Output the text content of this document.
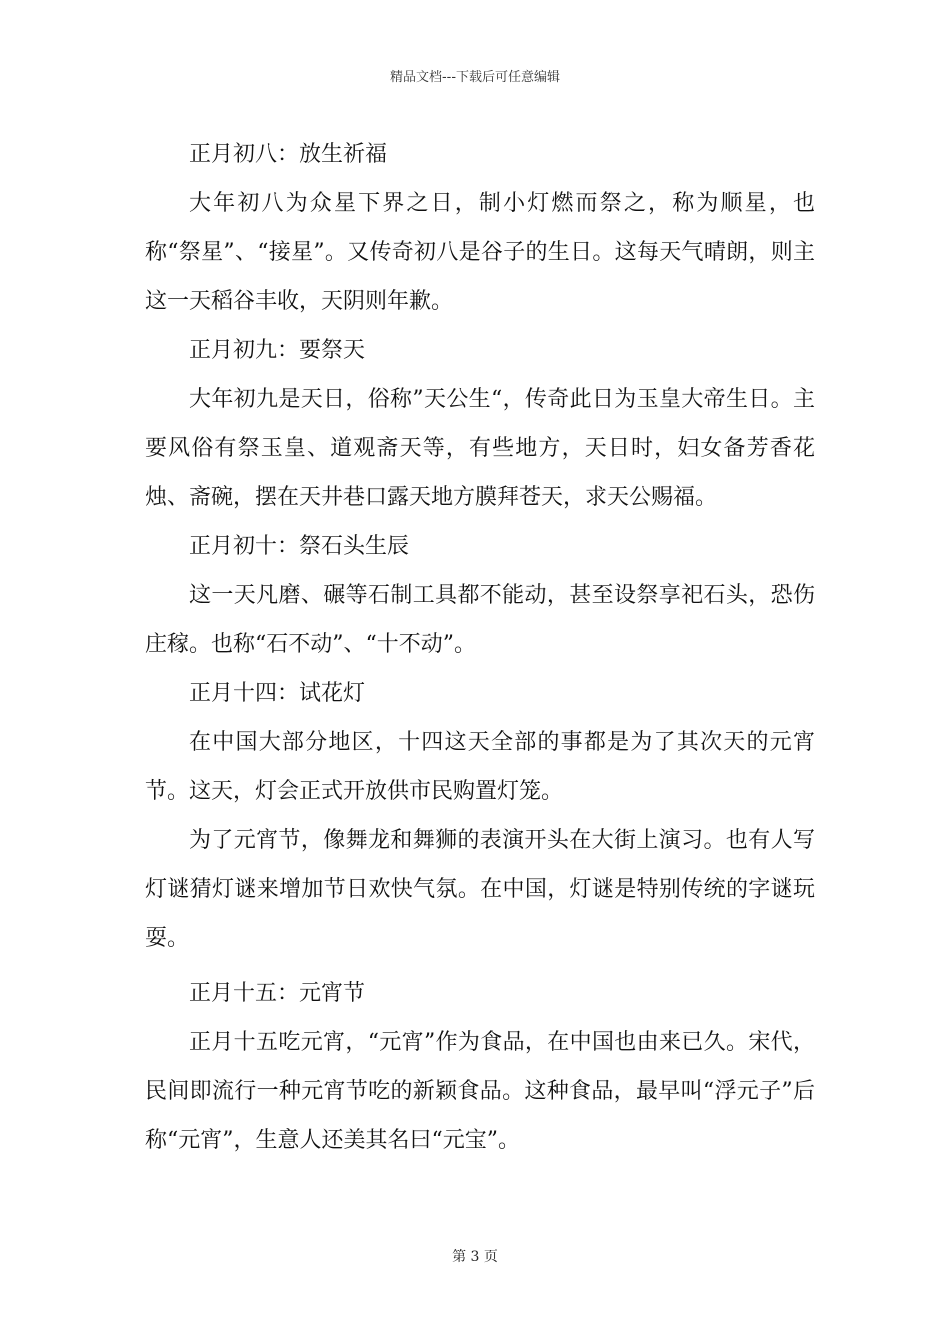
精品文档---下载后可任意编辑

正月初八：放生祈福

大年初八为众星下界之日，制小灯燃而祭之，称为顺星，也称“祭星”、“接星”。又传奇初八是谷子的生日。这每天气晴朗，则主这一天稻谷丰收，天阴则年歉。

正月初九：要祭天

大年初九是天日，俗称”天公生“，传奇此日为玉皇大帝生日。主要风俗有祭玉皇、道观斋天等，有些地方，天日时，妇女备芳香花烛、斋碗，摆在天井巷口露天地方膜拜苍天，求天公赐福。

正月初十：祭石头生辰

这一天凡磨、碾等石制工具都不能动，甚至设祭享祀石头，恐伤庄稼。也称“石不动”、“十不动”。

正月十四：试花灯

在中国大部分地区，十四这天全部的事都是为了其次天的元宵节。这天，灯会正式开放供市民购置灯笼。

为了元宵节，像舞龙和舞狮的表演开头在大街上演习。也有人写灯谜猜灯谜来增加节日欢快气氛。在中国，灯谜是特别传统的字谜玩耍。

正月十五：元宵节

正月十五吃元宵，“元宵”作为食品，在中国也由来已久。宋代，民间即流行一种元宵节吃的新颖食品。这种食品，最早叫“浮元子”后称“元宵”，生意人还美其名曰“元宝”。

第 3 页
